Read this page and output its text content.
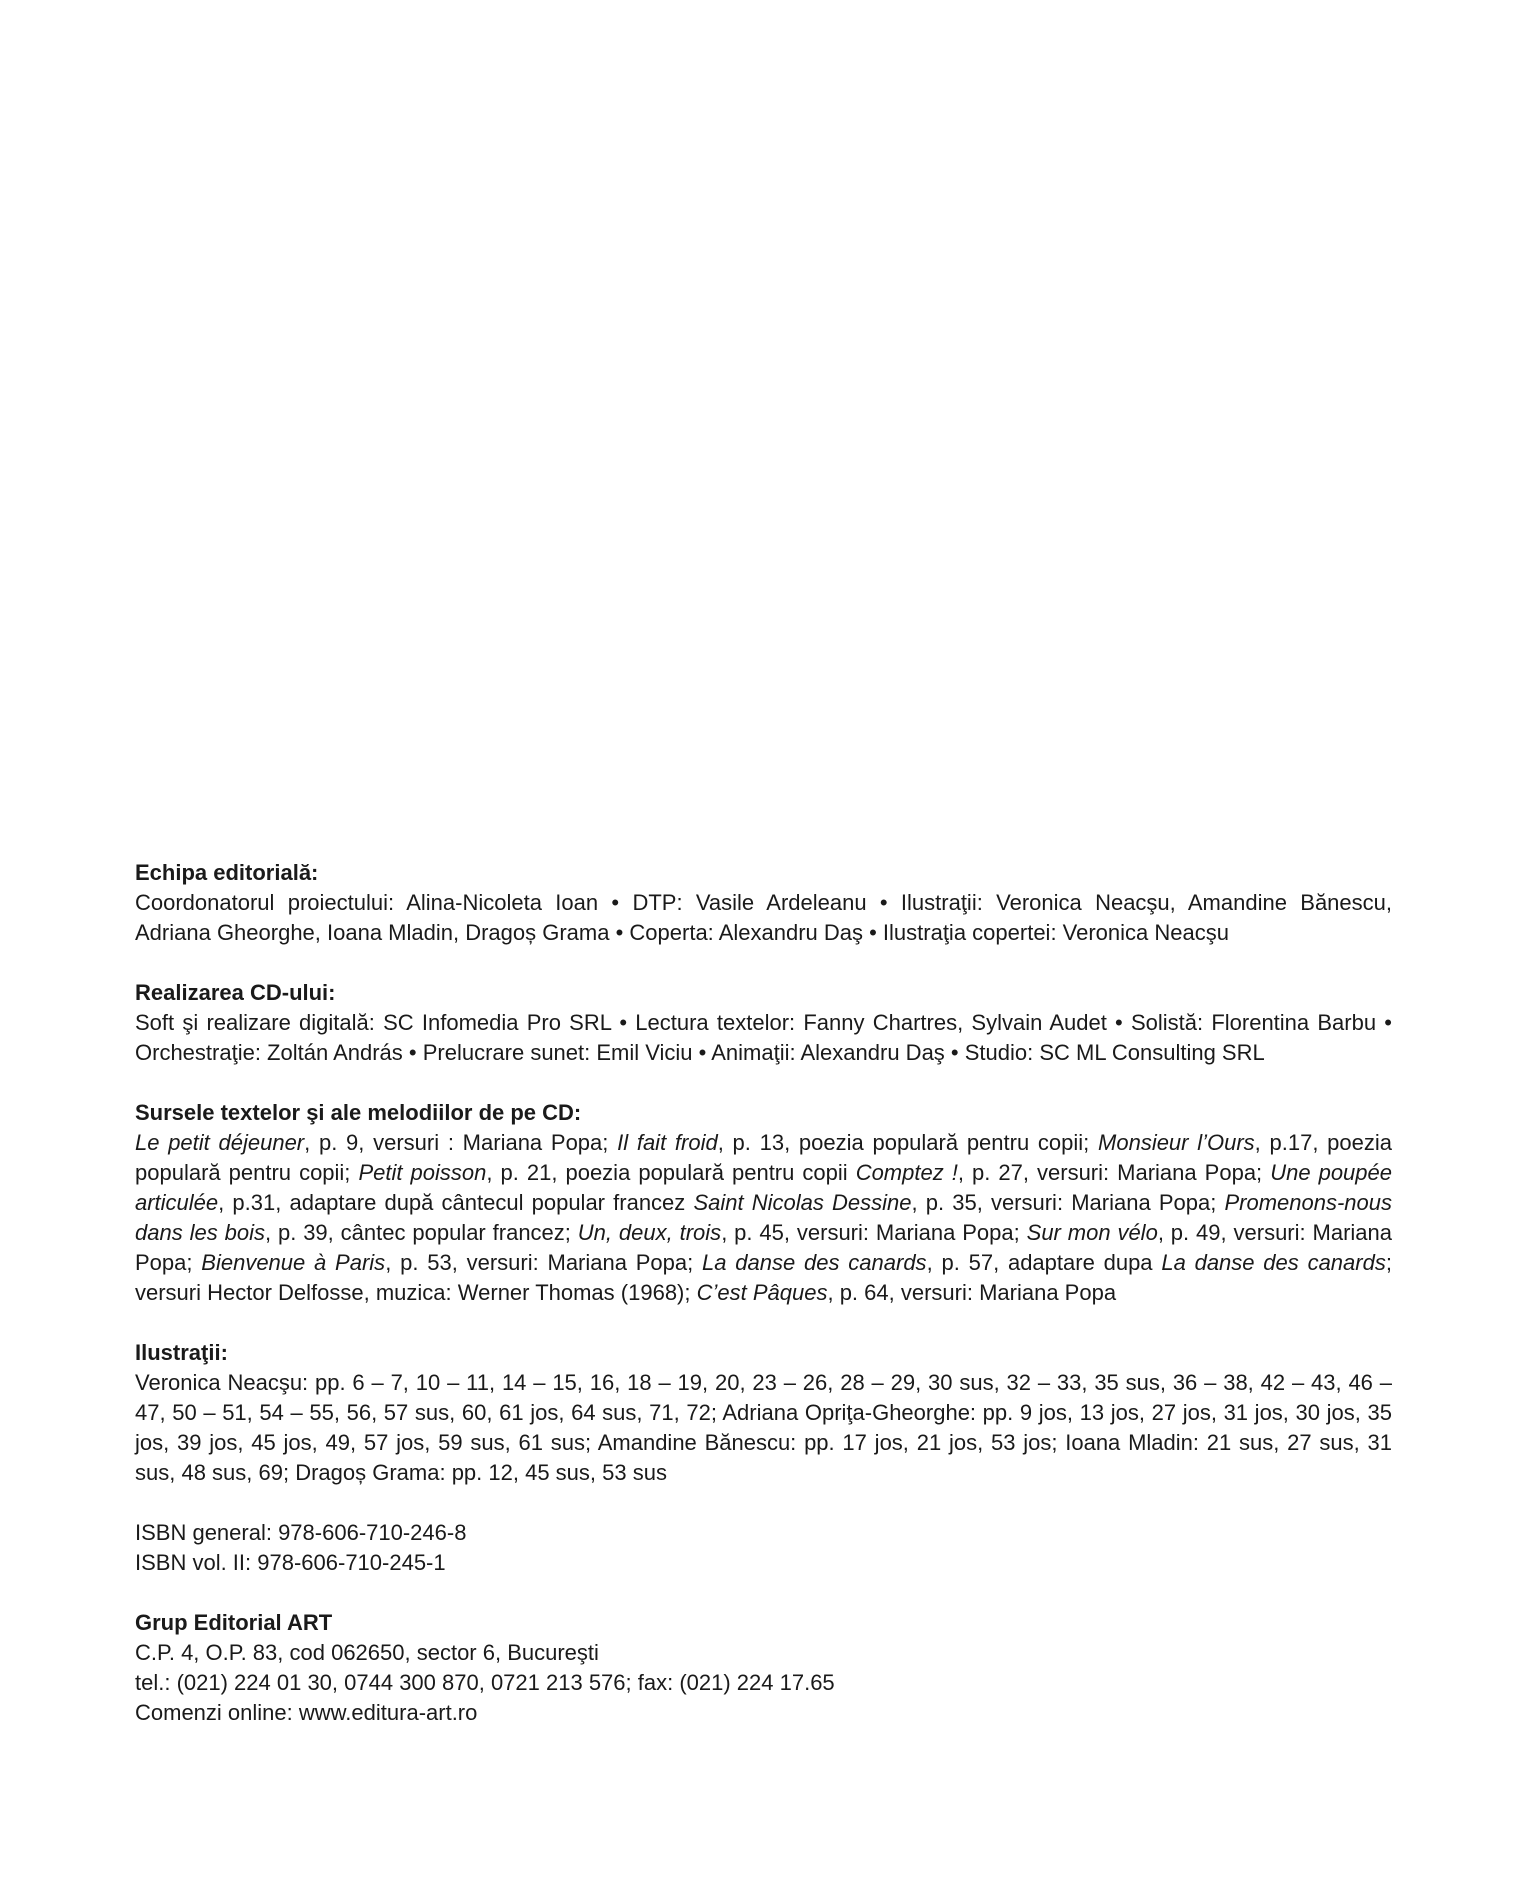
Echipa editorială:

Coordonatorul proiectului: Alina-Nicoleta Ioan • DTP: Vasile Ardeleanu • Ilustraţii: Veronica Neacşu, Amandine Bănescu,

Adriana Gheorghe, Ioana Mladin, Dragoș Grama • Coperta: Alexandru Daş • Ilustraţia copertei: Veronica Neacşu

Realizarea CD-ului:

Soft şi realizare digitală: SC Infomedia Pro SRL • Lectura textelor: Fanny Chartres, Sylvain Audet • Solistă: Florentina Barbu •

Orchestraţie: Zoltán András • Prelucrare sunet: Emil Viciu • Animaţii: Alexandru Daş • Studio: SC ML Consulting SRL

Sursele textelor şi ale melodiilor de pe CD:

Le petit déjeuner, p. 9, versuri : Mariana Popa; Il fait froid, p. 13, poezia populară pentru copii; Monsieur l’Ours, p.17, poezia populară pentru copii; Petit poisson, p. 21, poezia populară pentru copii Comptez !, p. 27, versuri: Mariana Popa; Une poupée articulée, p.31, adaptare după cântecul popular francez Saint Nicolas Dessine, p. 35, versuri: Mariana Popa; Promenons-nous dans les bois, p. 39, cântec popular francez; Un, deux, trois, p. 45, versuri: Mariana Popa; Sur mon vélo, p. 49, versuri: Mariana Popa; Bienvenue à Paris, p. 53, versuri: Mariana Popa; La danse des canards, p. 57, adaptare dupa La danse des canards; versuri Hector Delfosse, muzica: Werner Thomas (1968); C’est Pâques, p. 64, versuri: Mariana Popa

Ilustraţii:

Veronica Neacşu: pp. 6 – 7, 10 – 11, 14 – 15, 16, 18 – 19, 20, 23 – 26, 28 – 29, 30 sus, 32 – 33, 35 sus, 36 – 38, 42 – 43, 46 – 47, 50 – 51, 54 – 55, 56, 57 sus, 60, 61 jos, 64 sus, 71, 72; Adriana Opriţa-Gheorghe: pp. 9 jos, 13 jos, 27 jos, 31 jos, 30 jos, 35 jos, 39 jos, 45 jos, 49, 57 jos, 59 sus, 61 sus; Amandine Bănescu: pp. 17 jos, 21 jos, 53 jos; Ioana Mladin: 21 sus, 27 sus, 31 sus, 48 sus, 69; Dragoș Grama: pp. 12, 45 sus, 53 sus

ISBN general: 978-606-710-246-8

ISBN vol. II: 978-606-710-245-1

Grup Editorial ART

C.P. 4, O.P. 83, cod 062650, sector 6, Bucureşti

tel.: (021) 224 01 30, 0744 300 870, 0721 213 576; fax: (021) 224 17.65

Comenzi online: www.editura-art.ro
